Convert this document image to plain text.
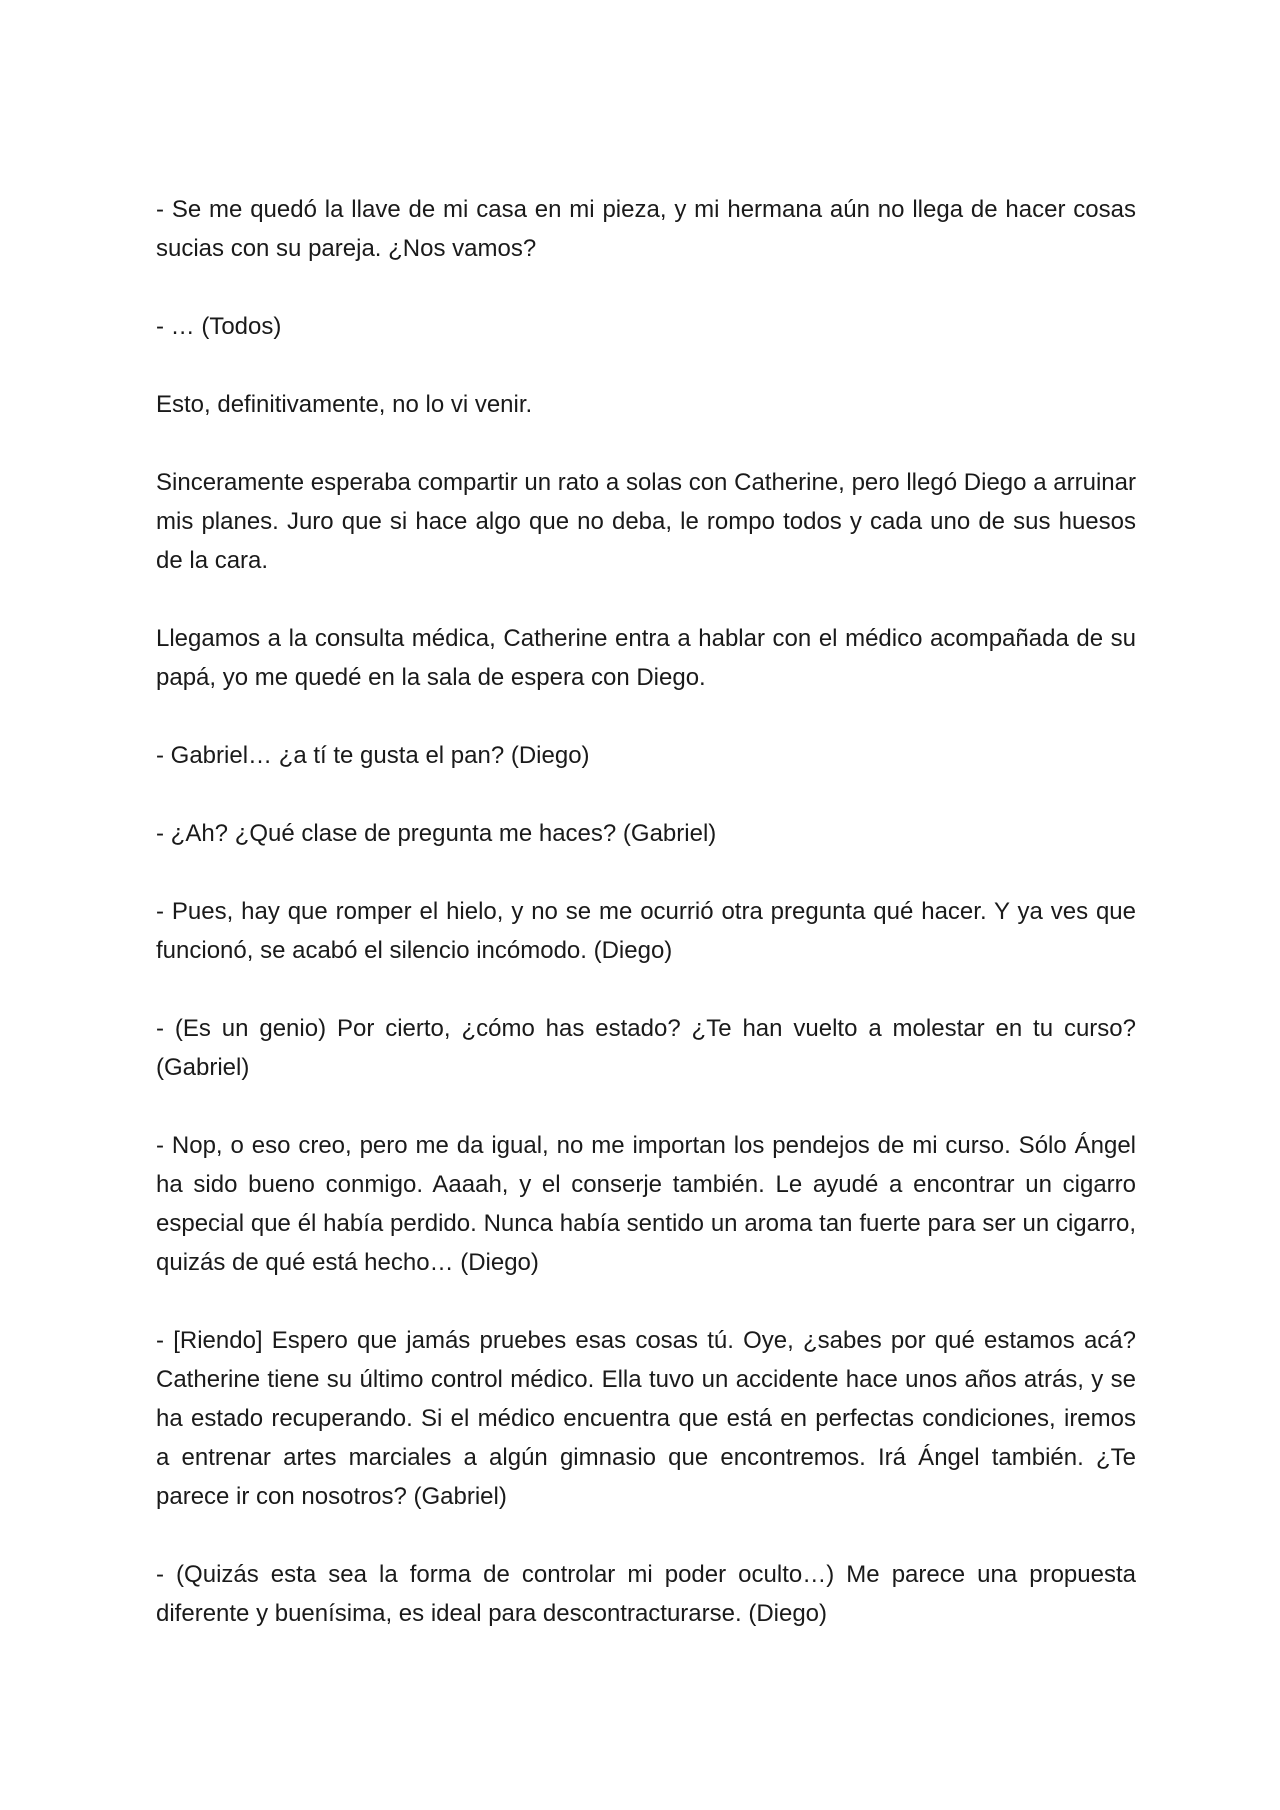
- Se me quedó la llave de mi casa en mi pieza, y mi hermana aún no llega de hacer cosas sucias con su pareja. ¿Nos vamos?

- … (Todos)

Esto, definitivamente, no lo vi venir.

Sinceramente esperaba compartir un rato a solas con Catherine, pero llegó Diego a arruinar mis planes. Juro que si hace algo que no deba, le rompo todos y cada uno de sus huesos de la cara.

Llegamos a la consulta médica, Catherine entra a hablar con el médico acompañada de su papá, yo me quedé en la sala de espera con Diego.

- Gabriel… ¿a tí te gusta el pan? (Diego)

- ¿Ah? ¿Qué clase de pregunta me haces? (Gabriel)

- Pues, hay que romper el hielo, y no se me ocurrió otra pregunta qué hacer. Y ya ves que funcionó, se acabó el silencio incómodo. (Diego)

- (Es un genio) Por cierto, ¿cómo has estado? ¿Te han vuelto a molestar en tu curso? (Gabriel)

- Nop, o eso creo, pero me da igual, no me importan los pendejos de mi curso. Sólo Ángel ha sido bueno conmigo. Aaaah, y el conserje también. Le ayudé a encontrar un cigarro especial que él había perdido. Nunca había sentido un aroma tan fuerte para ser un cigarro, quizás de qué está hecho… (Diego)

- [Riendo] Espero que jamás pruebes esas cosas tú. Oye, ¿sabes por qué estamos acá? Catherine tiene su último control médico. Ella tuvo un accidente hace unos años atrás, y se ha estado recuperando. Si el médico encuentra que está en perfectas condiciones, iremos a entrenar artes marciales a algún gimnasio que encontremos. Irá Ángel también. ¿Te parece ir con nosotros? (Gabriel)

- (Quizás esta sea la forma de controlar mi poder oculto…) Me parece una propuesta diferente y buenísima, es ideal para descontracturarse. (Diego)
